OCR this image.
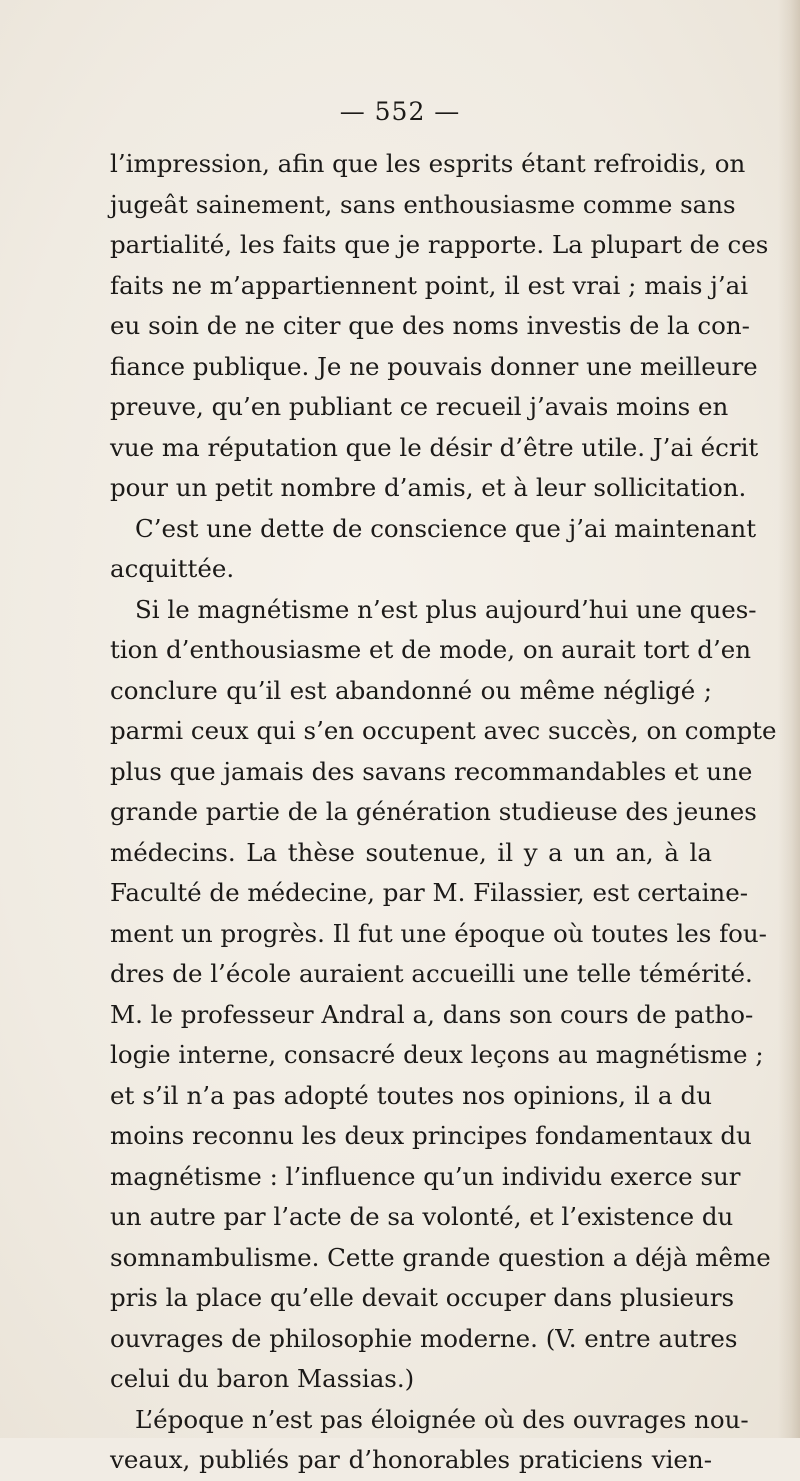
— 552 —
l’impression, afin que les esprits étant refroidis, on
jugeât sainement, sans enthousiasme comme sans
partialité, les faits que je rapporte. La plupart de ces
faits ne m’appartiennent point, il est vrai ; mais j’ai
eu soin de ne citer que des noms investis de la con-
fiance publique. Je ne pouvais donner une meilleure
preuve, qu’en publiant ce recueil j’avais moins en
vue ma réputation que le désir d’être utile. J’ai écrit
pour un petit nombre d’amis, et à leur sollicitation.
C’est une dette de conscience que j’ai maintenant
acquittée.
Si le magnétisme n’est plus aujourd’hui une ques-
tion d’enthousiasme et de mode, on aurait tort d’en
conclure qu’il est abandonné ou même négligé ;
parmi ceux qui s’en occupent avec succès, on compte
plus que jamais des savans recommandables et une
grande partie de la génération studieuse des jeunes
médecins. La thèse soutenue, il y a un an, à la
Faculté de médecine, par M. Filassier, est certaine-
ment un progrès. Il fut une époque où toutes les fou-
dres de l’école auraient accueilli une telle témérité.
M. le professeur Andral a, dans son cours de patho-
logie interne, consacré deux leçons au magnétisme ;
et s’il n’a pas adopté toutes nos opinions, il a du
moins reconnu les deux principes fondamentaux du
magnétisme : l’influence qu’un individu exerce sur
un autre par l’acte de sa volonté, et l’existence du
somnambulisme. Cette grande question a déjà même
pris la place qu’elle devait occuper dans plusieurs
ouvrages de philosophie moderne. (V. entre autres
celui du baron Massias.)
L’époque n’est pas éloignée où des ouvrages nou-
veaux, publiés par d’honorables praticiens vien-
